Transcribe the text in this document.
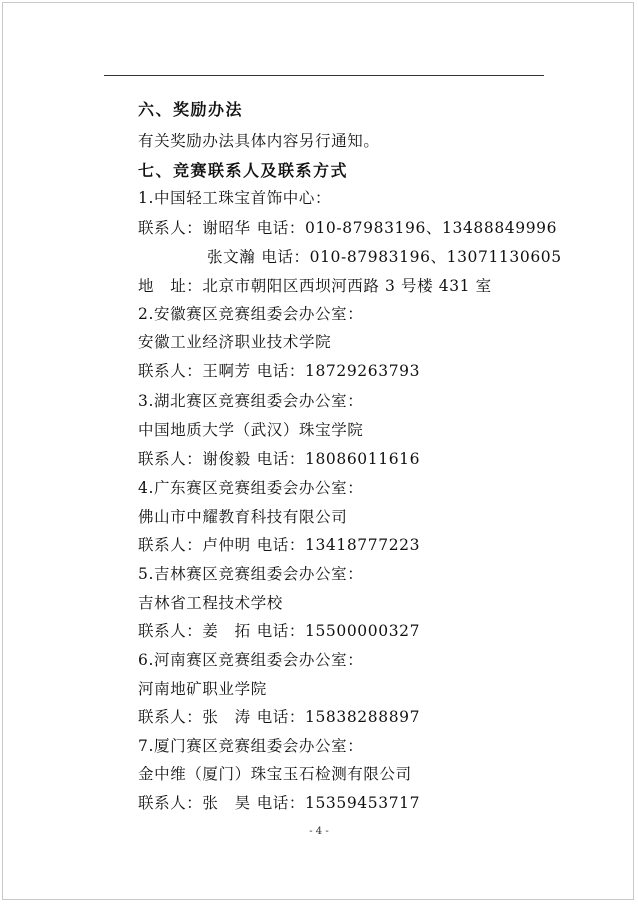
六、奖励办法
有关奖励办法具体内容另行通知。
七、竞赛联系人及联系方式
1.中国轻工珠宝首饰中心：
联系人：谢昭华 电话：010-87983196、13488849996
张文瀚 电话：010-87983196、13071130605
地　址：北京市朝阳区西坝河西路 3 号楼 431 室
2.安徽赛区竞赛组委会办公室：
安徽工业经济职业技术学院
联系人：王啊芳 电话：18729263793
3.湖北赛区竞赛组委会办公室：
中国地质大学（武汉）珠宝学院
联系人：谢俊毅 电话：18086011616
4.广东赛区竞赛组委会办公室：
佛山市中耀教育科技有限公司
联系人：卢仲明 电话：13418777223
5.吉林赛区竞赛组委会办公室：
吉林省工程技术学校
联系人：姜　拓 电话：15500000327
6.河南赛区竞赛组委会办公室：
河南地矿职业学院
联系人：张　涛 电话：15838288897
7.厦门赛区竞赛组委会办公室：
金中维（厦门）珠宝玉石检测有限公司
联系人：张　昊 电话：15359453717
- 4 -
